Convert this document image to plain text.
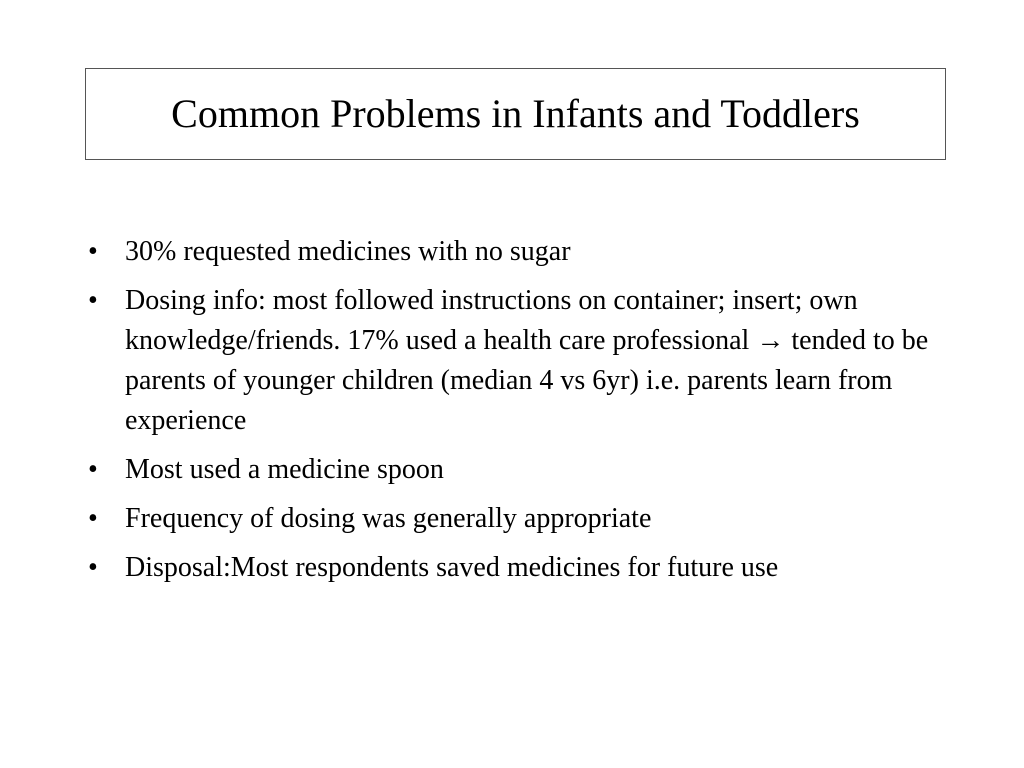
Common Problems in Infants and Toddlers
• 30% requested medicines with no sugar
• Dosing info: most followed instructions on container; insert; own knowledge/friends. 17% used a health care professional → tended to be parents of younger children (median 4 vs 6yr) i.e. parents learn from experience
• Most used a medicine spoon
• Frequency of dosing was generally appropriate
• Disposal:Most respondents saved medicines for future use
